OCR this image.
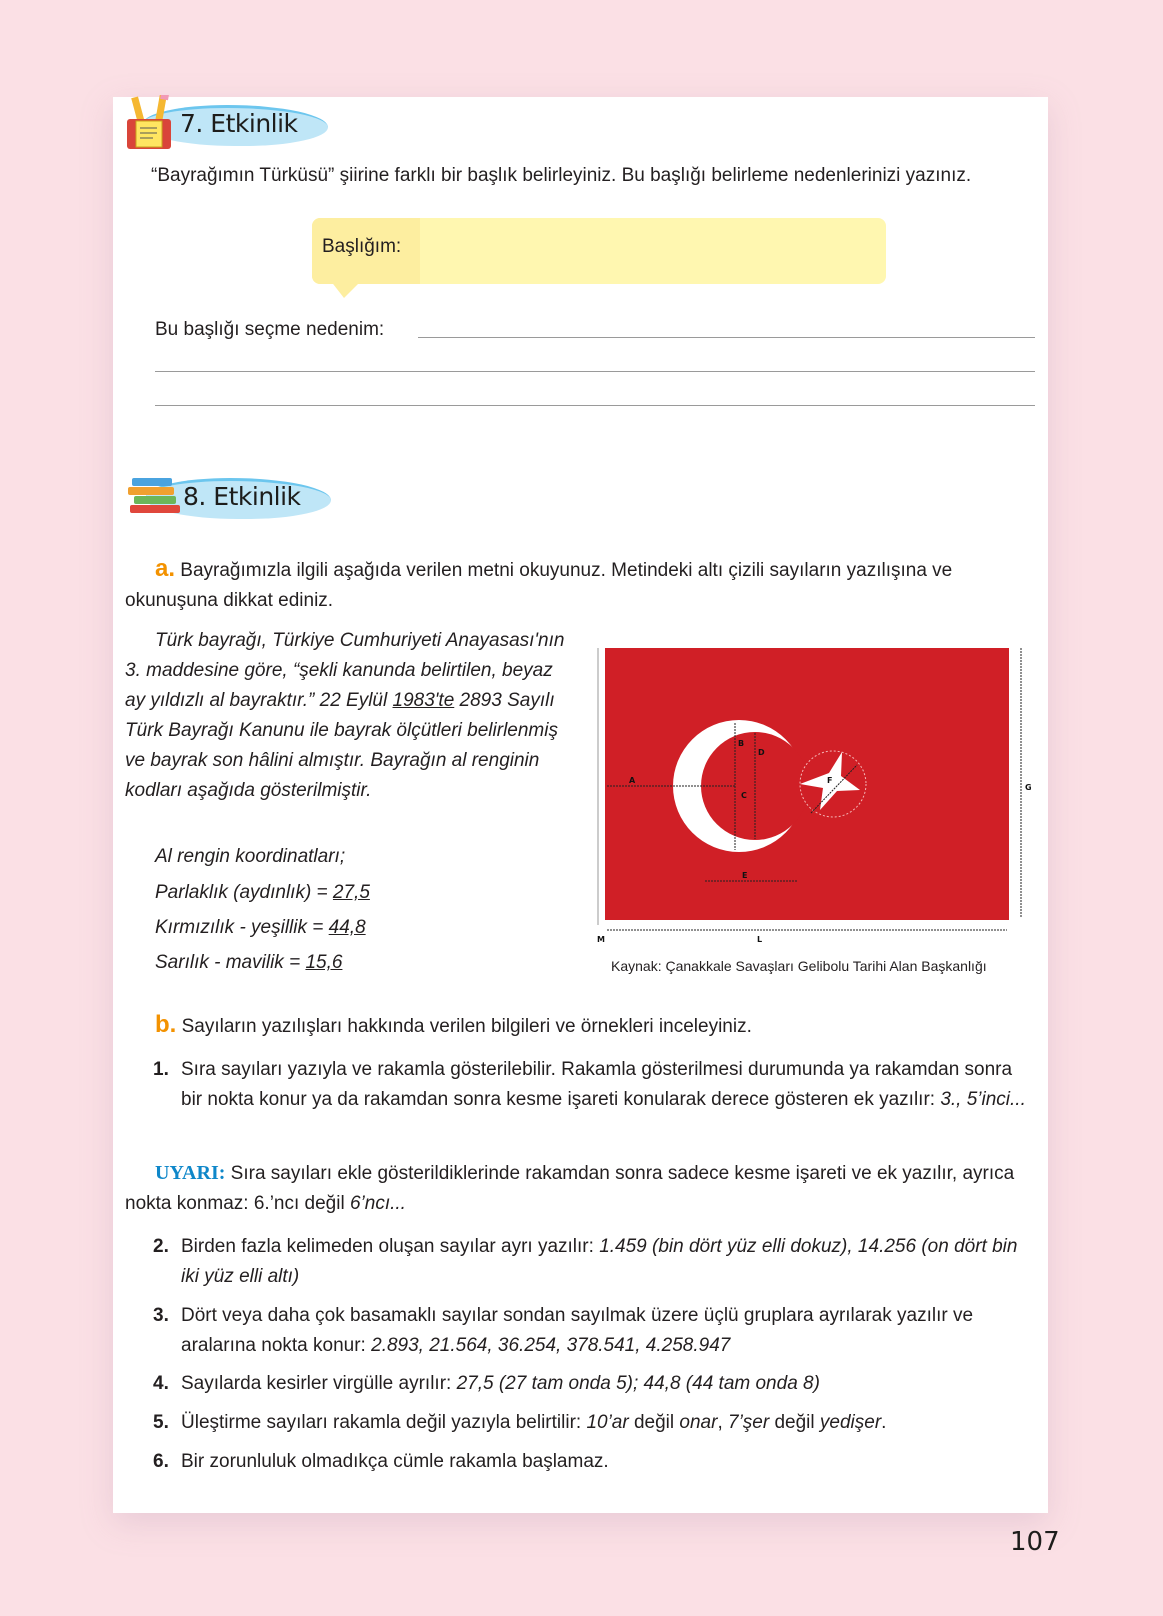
7. Etkinlik
“Bayrağımın Türküsü” şiirine farklı bir başlık belirleyiniz. Bu başlığı belirleme nedenlerinizi yazınız.
Başlığım:
Bu başlığı seçme nedenim:
8. Etkinlik
a. Bayrağımızla ilgili aşağıda verilen metni okuyunuz. Metindeki altı çizili sayıların yazılışına ve okunuşuna dikkat ediniz.
Türk bayrağı, Türkiye Cumhuriyeti Anayasası'nın 3. maddesine göre, “şekli kanunda belirtilen, beyaz ay yıldızlı al bayraktır.” 22 Eylül 1983'te 2893 Sayılı Türk Bayrağı Kanunu ile bayrak ölçütleri belirlenmiş ve bayrak son hâlini almıştır. Bayrağın al renginin kodları aşağıda gösterilmiştir.
Al rengin koordinatları;
Parlaklık (aydınlık) = 27,5
Kırmızılık - yeşillik = 44,8
Sarılık - mavilik = 15,6
A
B
C
D
E
F
G
L
M
Kaynak: Çanakkale Savaşları Gelibolu Tarihi Alan Başkanlığı
b. Sayıların yazılışları hakkında verilen bilgileri ve örnekleri inceleyiniz.
1. Sıra sayıları yazıyla ve rakamla gösterilebilir. Rakamla gösterilmesi durumunda ya rakamdan sonra bir nokta konur ya da rakamdan sonra kesme işareti konularak derece gösteren ek yazılır: 3., 5’inci...
UYARI: Sıra sayıları ekle gösterildiklerinde rakamdan sonra sadece kesme işareti ve ek yazılır, ayrıca nokta konmaz: 6.’ncı değil 6’ncı...
2. Birden fazla kelimeden oluşan sayılar ayrı yazılır: 1.459 (bin dört yüz elli dokuz), 14.256 (on dört bin iki yüz elli altı)
3. Dört veya daha çok basamaklı sayılar sondan sayılmak üzere üçlü gruplara ayrılarak yazılır ve aralarına nokta konur: 2.893, 21.564, 36.254, 378.541, 4.258.947
4. Sayılarda kesirler virgülle ayrılır: 27,5 (27 tam onda 5); 44,8 (44 tam onda 8)
5. Üleştirme sayıları rakamla değil yazıyla belirtilir: 10’ar değil onar, 7’şer değil yedişer.
6. Bir zorunluluk olmadıkça cümle rakamla başlamaz.
107
